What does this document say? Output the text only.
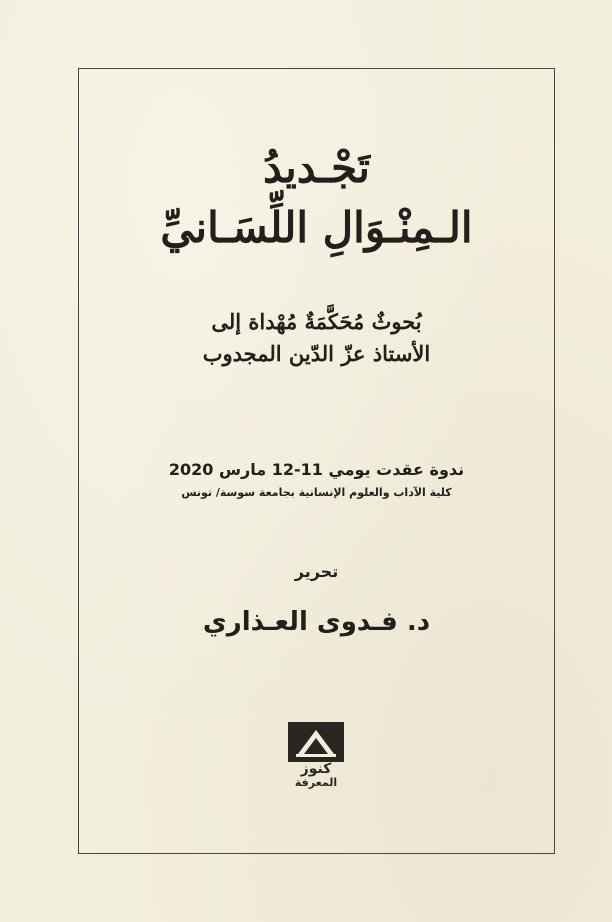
تَجْـديدُ
الـمِنْـوَالِ اللِّسَـانيِّ
بُحوثٌ مُحَكَّمَةٌ مُهْداة إلى
الأستاذ عزّ الدّين المجدوب
ندوة عقدت يومي 11-12 مارس 2020
كلية الآداب والعلوم الإنسانية بجامعة سوسة/ تونس
تحرير
د. فـدوى العـذاري
كنوز
المعرفة
